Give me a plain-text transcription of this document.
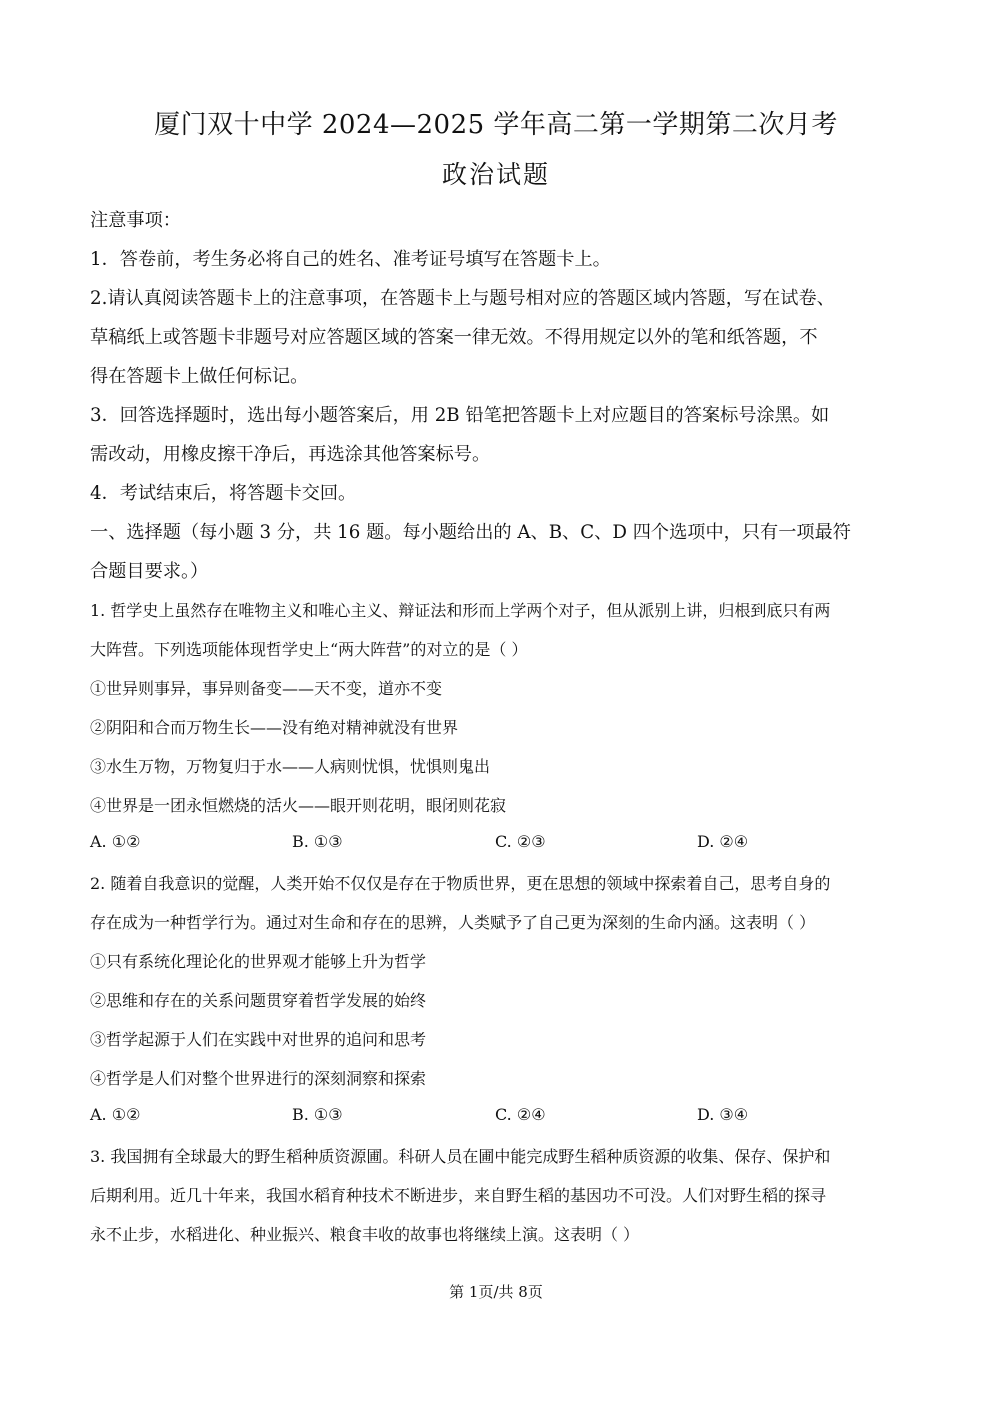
厦门双十中学 2024—2025 学年高二第一学期第二次月考
政治试题
注意事项：
1．答卷前，考生务必将自己的姓名、准考证号填写在答题卡上。
2.请认真阅读答题卡上的注意事项，在答题卡上与题号相对应的答题区域内答题，写在试卷、
草稿纸上或答题卡非题号对应答题区域的答案一律无效。不得用规定以外的笔和纸答题，不
得在答题卡上做任何标记。
3．回答选择题时，选出每小题答案后，用 2B 铅笔把答题卡上对应题目的答案标号涂黑。如
需改动，用橡皮擦干净后，再选涂其他答案标号。
4．考试结束后，将答题卡交回。
一、选择题（每小题 3 分，共 16 题。每小题给出的 A、B、C、D 四个选项中，只有一项最符
合题目要求。）
1. 哲学史上虽然存在唯物主义和唯心主义、辩证法和形而上学两个对子，但从派别上讲，归根到底只有两
大阵营。下列选项能体现哲学史上“两大阵营”的对立的是（ ）
①世异则事异，事异则备变——天不变，道亦不变
②阴阳和合而万物生长——没有绝对精神就没有世界
③水生万物，万物复归于水——人病则忧惧，忧惧则鬼出
④世界是一团永恒燃烧的活火——眼开则花明，眼闭则花寂
A. ①②	B. ①③	C. ②③	D. ②④
2. 随着自我意识的觉醒，人类开始不仅仅是存在于物质世界，更在思想的领域中探索着自己，思考自身的
存在成为一种哲学行为。通过对生命和存在的思辨，人类赋予了自己更为深刻的生命内涵。这表明（ ）
①只有系统化理论化的世界观才能够上升为哲学
②思维和存在的关系问题贯穿着哲学发展的始终
③哲学起源于人们在实践中对世界的追问和思考
④哲学是人们对整个世界进行的深刻洞察和探索
A. ①②	B. ①③	C. ②④	D. ③④
3. 我国拥有全球最大的野生稻种质资源圃。科研人员在圃中能完成野生稻种质资源的收集、保存、保护和
后期利用。近几十年来，我国水稻育种技术不断进步，来自野生稻的基因功不可没。人们对野生稻的探寻
永不止步，水稻进化、种业振兴、粮食丰收的故事也将继续上演。这表明（ ）
第 1页/共 8页
